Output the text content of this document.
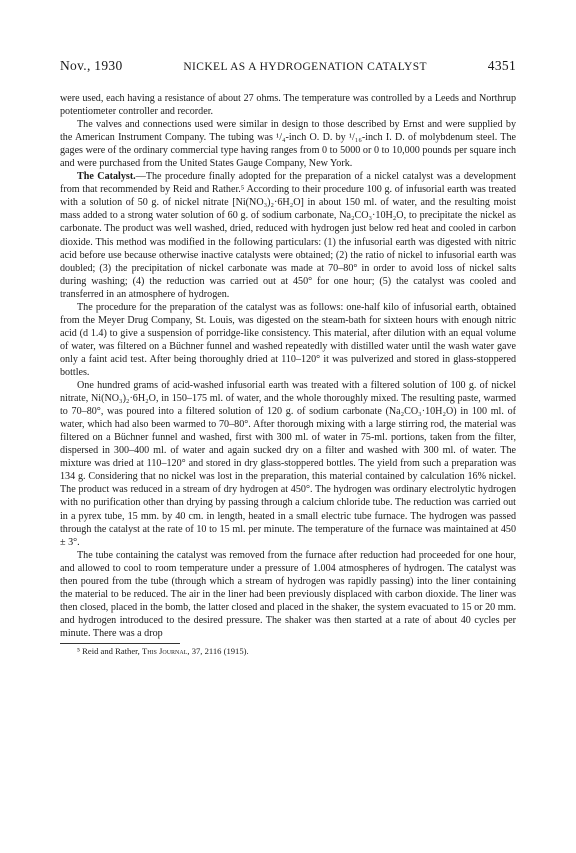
Nov., 1930	NICKEL AS A HYDROGENATION CATALYST	4351

were used, each having a resistance of about 27 ohms. The temperature was controlled by a Leeds and Northrup potentiometer controller and recorder.

The valves and connections used were similar in design to those described by Ernst and were supplied by the American Instrument Company. The tubing was ¹/₄-inch O. D. by ¹/₁₆-inch I. D. of molybdenum steel. The gages were of the ordinary commercial type having ranges from 0 to 5000 or 0 to 10,000 pounds per square inch and were purchased from the United States Gauge Company, New York.

The Catalyst.—The procedure finally adopted for the preparation of a nickel catalyst was a development from that recommended by Reid and Rather.⁵ According to their procedure 100 g. of infusorial earth was treated with a solution of 50 g. of nickel nitrate [Ni(NO₃)₂·6H₂O] in about 150 ml. of water, and the resulting moist mass added to a strong water solution of 60 g. of sodium carbonate, Na₂CO₃·10H₂O, to precipitate the nickel as carbonate. The product was well washed, dried, reduced with hydrogen just below red heat and cooled in carbon dioxide. This method was modified in the following particulars: (1) the infusorial earth was digested with nitric acid before use because otherwise inactive catalysts were obtained; (2) the ratio of nickel to infusorial earth was doubled; (3) the precipitation of nickel carbonate was made at 70–80° in order to avoid loss of nickel salts during washing; (4) the reduction was carried out at 450° for one hour; (5) the catalyst was cooled and transferred in an atmosphere of hydrogen.

The procedure for the preparation of the catalyst was as follows: one-half kilo of infusorial earth, obtained from the Meyer Drug Company, St. Louis, was digested on the steam-bath for sixteen hours with enough nitric acid (d 1.4) to give a suspension of porridge-like consistency. This material, after dilution with an equal volume of water, was filtered on a Büchner funnel and washed repeatedly with distilled water until the wash water gave only a faint acid test. After being thoroughly dried at 110–120° it was pulverized and stored in glass-stoppered bottles.

One hundred grams of acid-washed infusorial earth was treated with a filtered solution of 100 g. of nickel nitrate, Ni(NO₃)₂·6H₂O, in 150–175 ml. of water, and the whole thoroughly mixed. The resulting paste, warmed to 70–80°, was poured into a filtered solution of 120 g. of sodium carbonate (Na₂CO₃·10H₂O) in 100 ml. of water, which had also been warmed to 70–80°. After thorough mixing with a large stirring rod, the material was filtered on a Büchner funnel and washed, first with 300 ml. of water in 75-ml. portions, taken from the filter, dispersed in 300–400 ml. of water and again sucked dry on a filter and washed with 300 ml. of water. The mixture was dried at 110–120° and stored in dry glass-stoppered bottles. The yield from such a preparation was 134 g. Considering that no nickel was lost in the preparation, this material contained by calculation 16% nickel. The product was reduced in a stream of dry hydrogen at 450°. The hydrogen was ordinary electrolytic hydrogen with no purification other than drying by passing through a calcium chloride tube. The reduction was carried out in a pyrex tube, 15 mm. by 40 cm. in length, heated in a small electric tube furnace. The hydrogen was passed through the catalyst at the rate of 10 to 15 ml. per minute. The temperature of the furnace was maintained at 450 ± 3°.

The tube containing the catalyst was removed from the furnace after reduction had proceeded for one hour, and allowed to cool to room temperature under a pressure of 1.004 atmospheres of hydrogen. The catalyst was then poured from the tube (through which a stream of hydrogen was rapidly passing) into the liner containing the material to be reduced. The air in the liner had been previously displaced with carbon dioxide. The liner was then closed, placed in the bomb, the latter closed and placed in the shaker, the system evacuated to 15 or 20 mm. and hydrogen introduced to the desired pressure. The shaker was then started at a rate of about 40 cycles per minute. There was a drop

⁵ Reid and Rather, This Journal, 37, 2116 (1915).
